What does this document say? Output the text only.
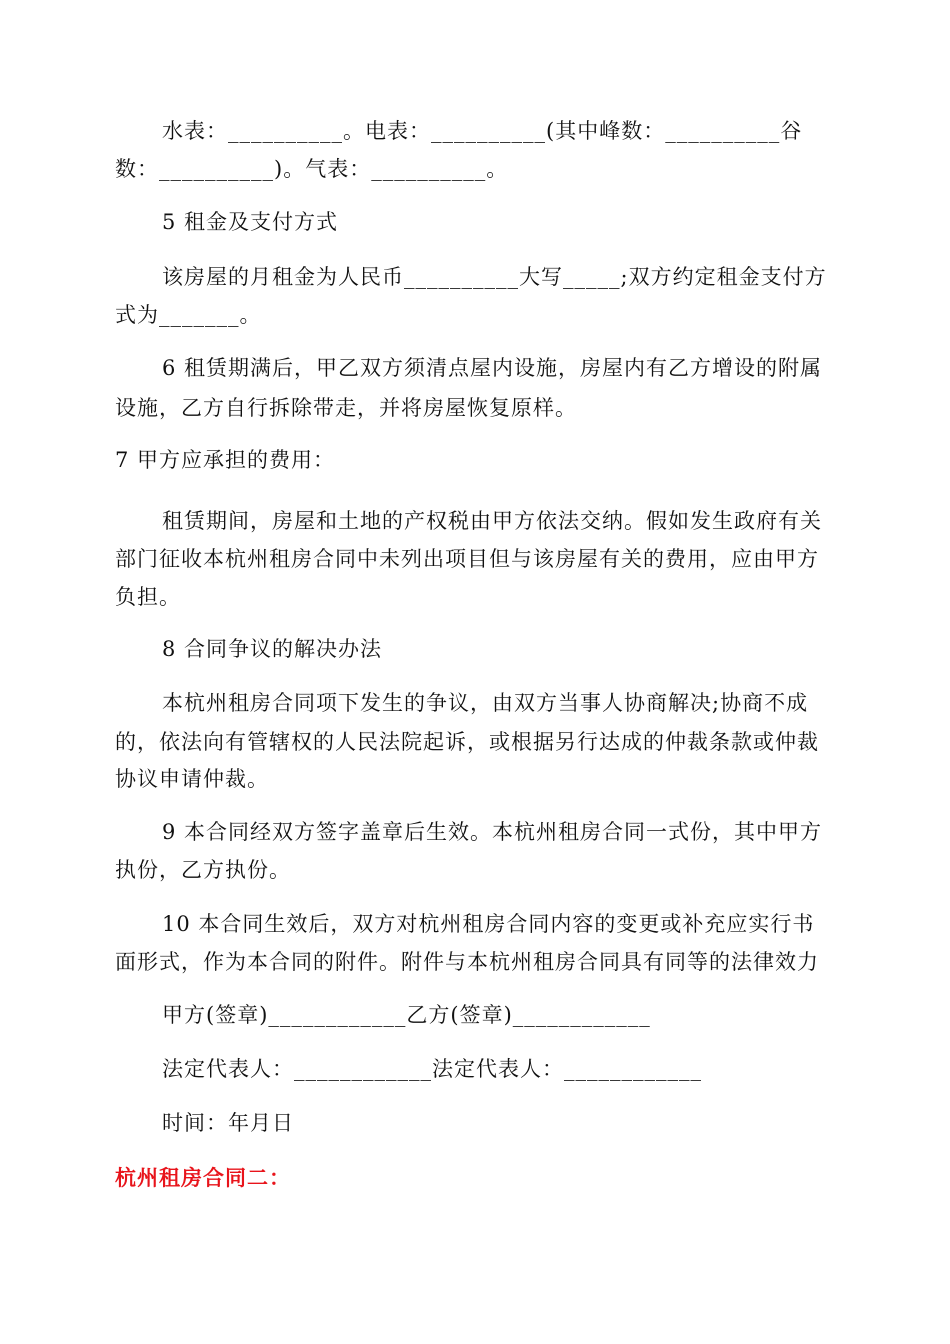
水表：__________。电表：__________(其中峰数：__________谷
数：__________)。气表：__________。
5 租金及支付方式
该房屋的月租金为人民币__________大写_____;双方约定租金支付方
式为_______。
6 租赁期满后，甲乙双方须清点屋内设施，房屋内有乙方增设的附属
设施，乙方自行拆除带走，并将房屋恢复原样。
7 甲方应承担的费用：
租赁期间，房屋和土地的产权税由甲方依法交纳。假如发生政府有关
部门征收本杭州租房合同中未列出项目但与该房屋有关的费用，应由甲方
负担。
8 合同争议的解决办法
本杭州租房合同项下发生的争议，由双方当事人协商解决;协商不成
的，依法向有管辖权的人民法院起诉，或根据另行达成的仲裁条款或仲裁
协议申请仲裁。
9 本合同经双方签字盖章后生效。本杭州租房合同一式份，其中甲方
执份，乙方执份。
10 本合同生效后，双方对杭州租房合同内容的变更或补充应实行书
面形式，作为本合同的附件。附件与本杭州租房合同具有同等的法律效力
甲方(签章)____________乙方(签章)____________
法定代表人：____________法定代表人：____________
时间：年月日
杭州租房合同二：
